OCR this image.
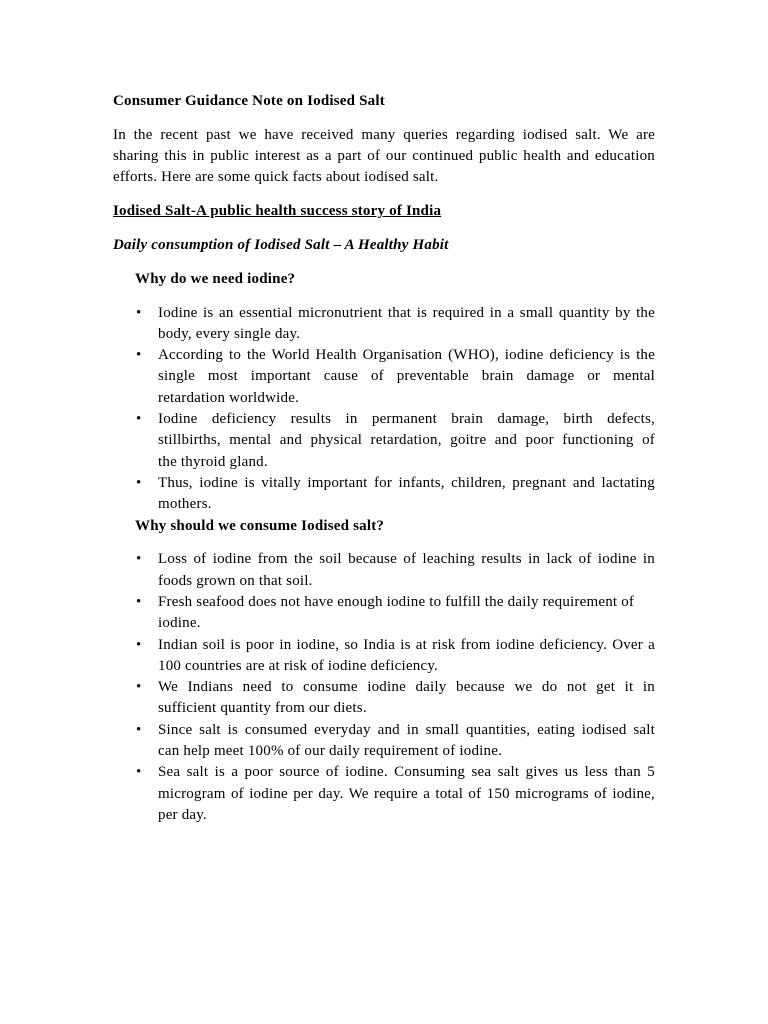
Consumer Guidance Note on Iodised Salt
In the recent past we have received many queries regarding iodised salt. We are
sharing this in public interest as a part of our continued public health and education
efforts. Here are some quick facts about iodised salt.
Iodised Salt-A public health success story of India
Daily consumption of Iodised Salt – A Healthy Habit
Why do we need iodine?
• Iodine is an essential micronutrient that is required in a small quantity by the
body, every single day.
• According to the World Health Organisation (WHO), iodine deficiency is the
single most important cause of preventable brain damage or mental
retardation worldwide.
• Iodine deficiency results in permanent brain damage, birth defects,
stillbirths, mental and physical retardation, goitre and poor functioning of
the thyroid gland.
• Thus, iodine is vitally important for infants, children, pregnant and lactating
mothers.
Why should we consume Iodised salt?
• Loss of iodine from the soil because of leaching results in lack of iodine in
foods grown on that soil.
• Fresh seafood does not have enough iodine to fulfill the daily requirement of
iodine.
• Indian soil is poor in iodine, so India is at risk from iodine deficiency. Over a
100 countries are at risk of iodine deficiency.
• We Indians need to consume iodine daily because we do not get it in
sufficient quantity from our diets.
• Since salt is consumed everyday and in small quantities, eating iodised salt
can help meet 100% of our daily requirement of iodine.
• Sea salt is a poor source of iodine. Consuming sea salt gives us less than 5
microgram of iodine per day. We require a total of 150 micrograms of iodine,
per day.
